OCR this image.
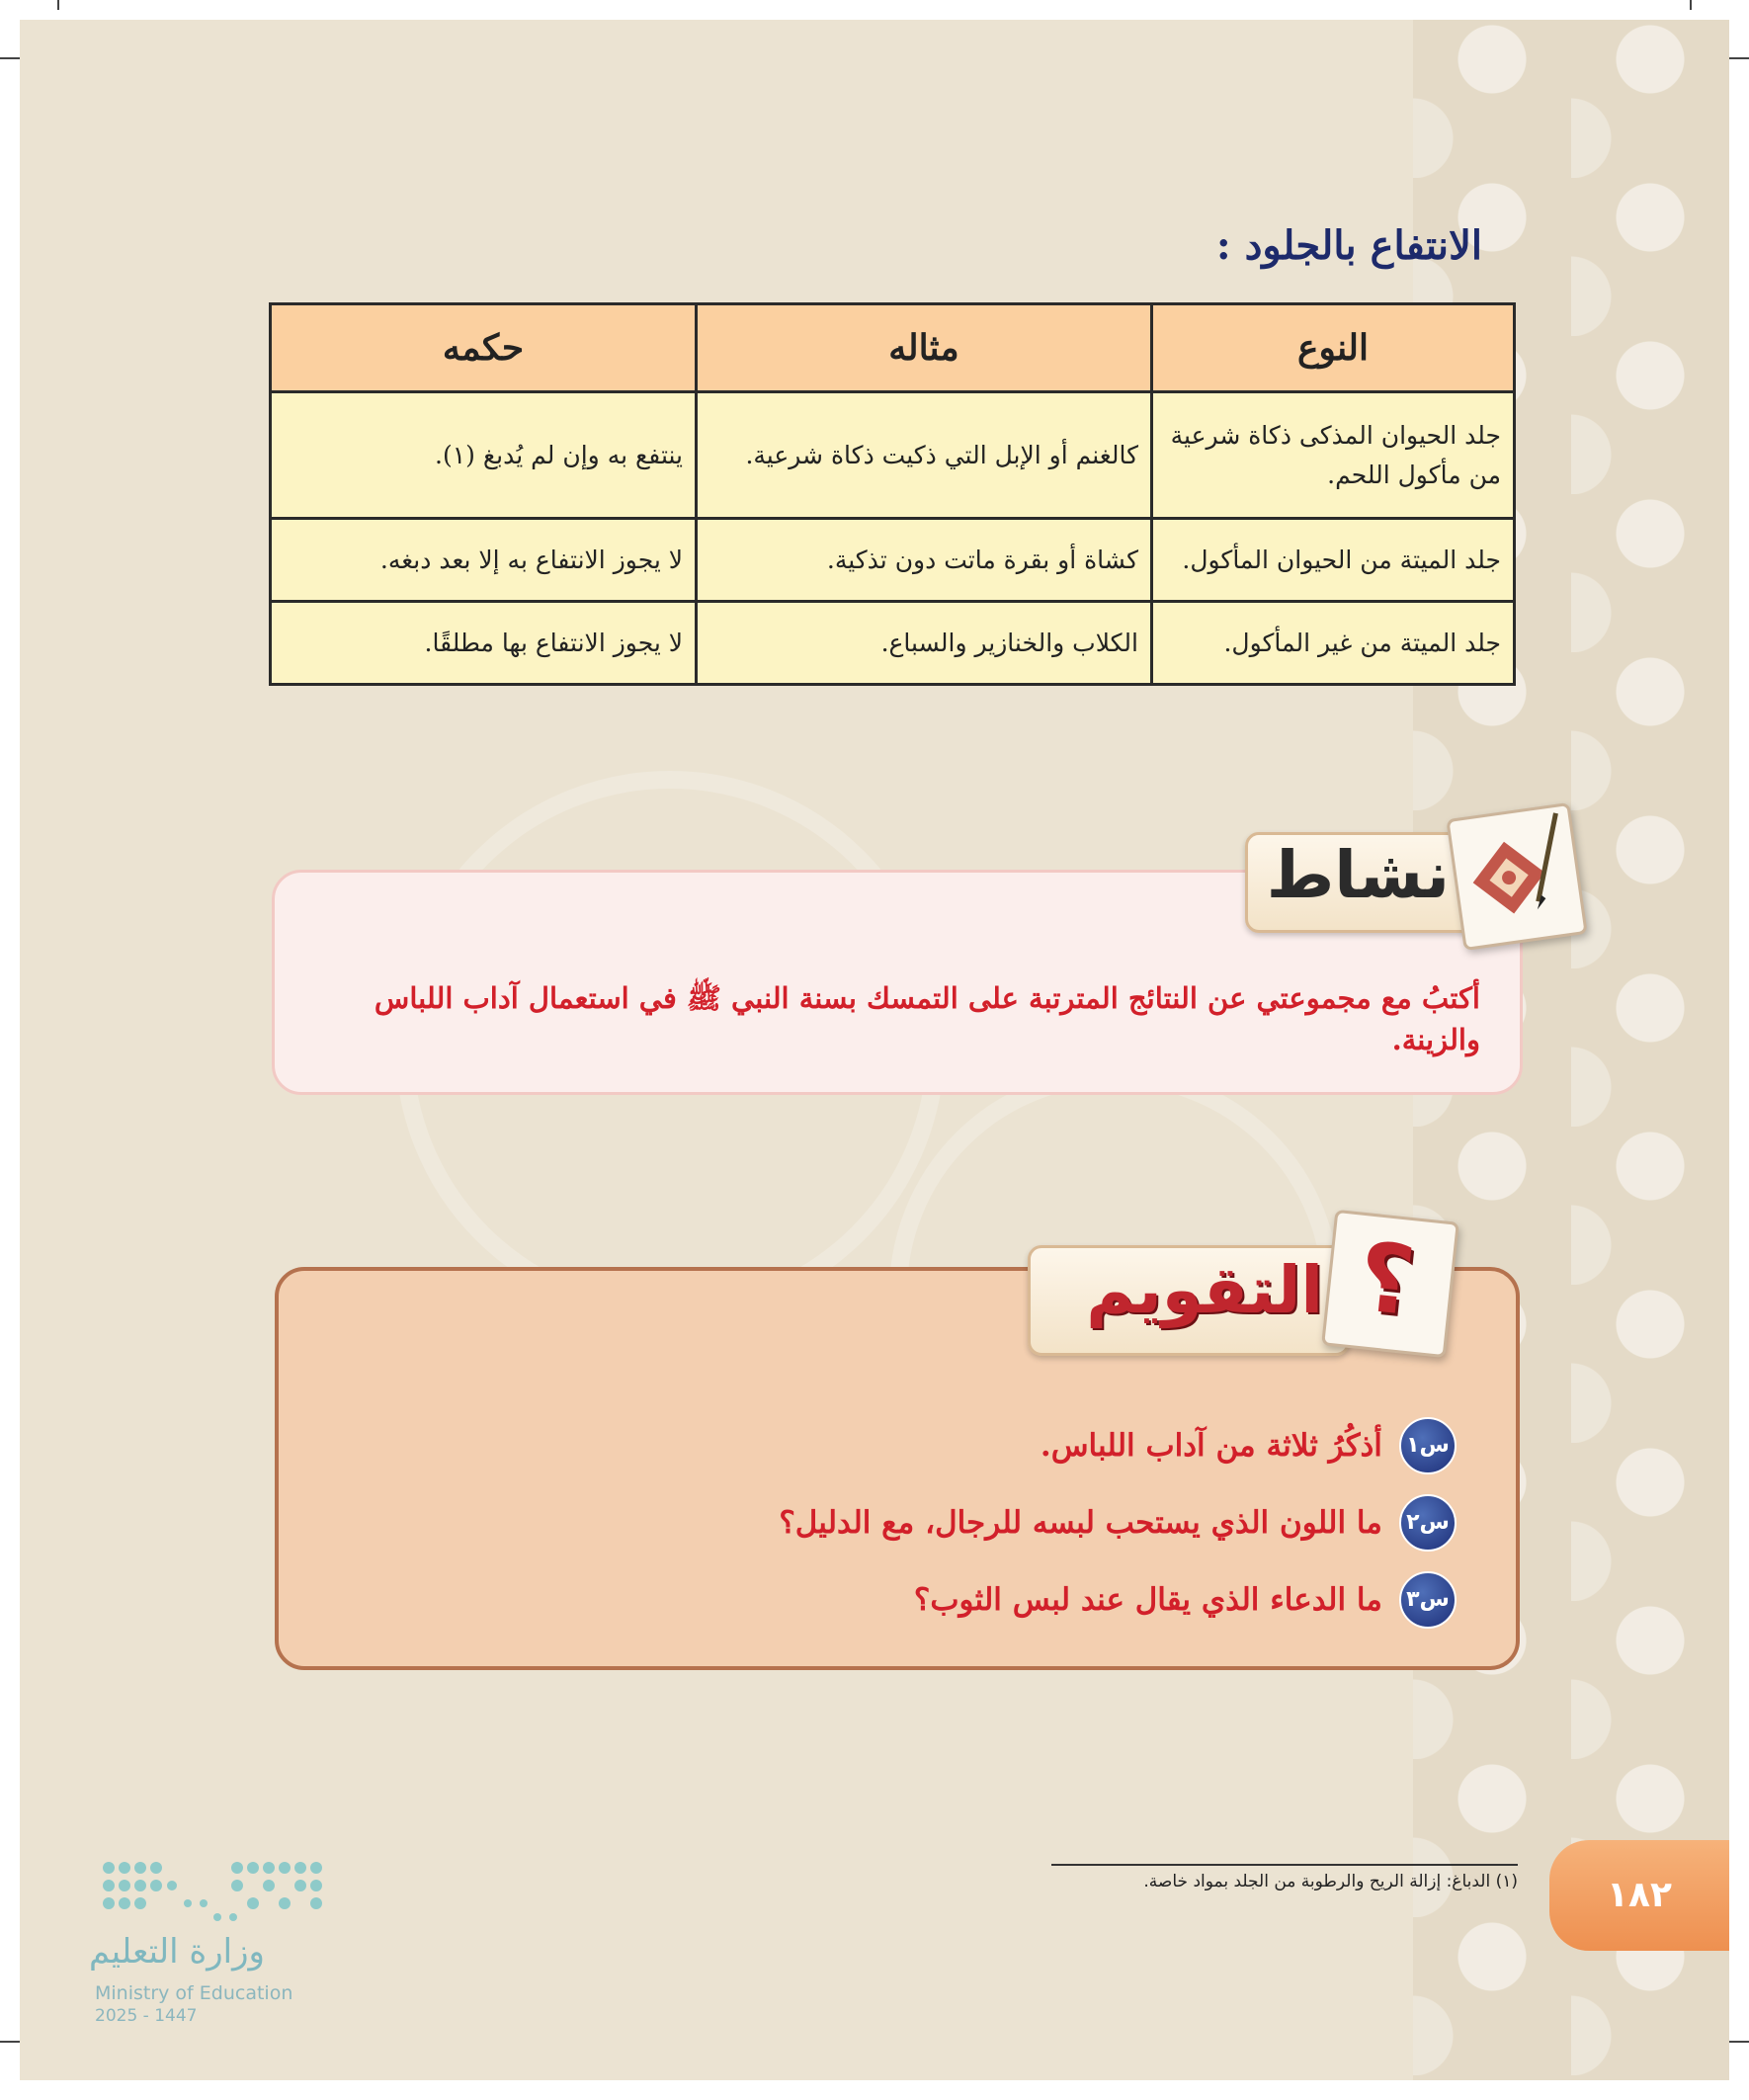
الانتفاع بالجلود :
النوع	مثاله	حكمه
جلد الحيوان المذكى ذكاة شرعية من مأكول اللحم.	كالغنم أو الإبل التي ذكيت ذكاة شرعية.	ينتفع به وإن لم يُدبغ (١).
جلد الميتة من الحيوان المأكول.	كشاة أو بقرة ماتت دون تذكية.	لا يجوز الانتفاع به إلا بعد دبغه.
جلد الميتة من غير المأكول.	الكلاب والخنازير والسباع.	لا يجوز الانتفاع بها مطلقًا.
أكتبُ مع مجموعتي عن النتائج المترتبة على التمسك بسنة النبي ﷺ في استعمال آداب اللباس والزينة.
نشاط
س١ أذكُرُ ثلاثة من آداب اللباس.
س٢ ما اللون الذي يستحب لبسه للرجال، مع الدليل؟
س٣ ما الدعاء الذي يقال عند لبس الثوب؟
التقويم ؟
(١) الدباغ: إزالة الريح والرطوبة من الجلد بمواد خاصة.	١٨٢
وزارة التعليم
Ministry of Education
2025 - 1447
